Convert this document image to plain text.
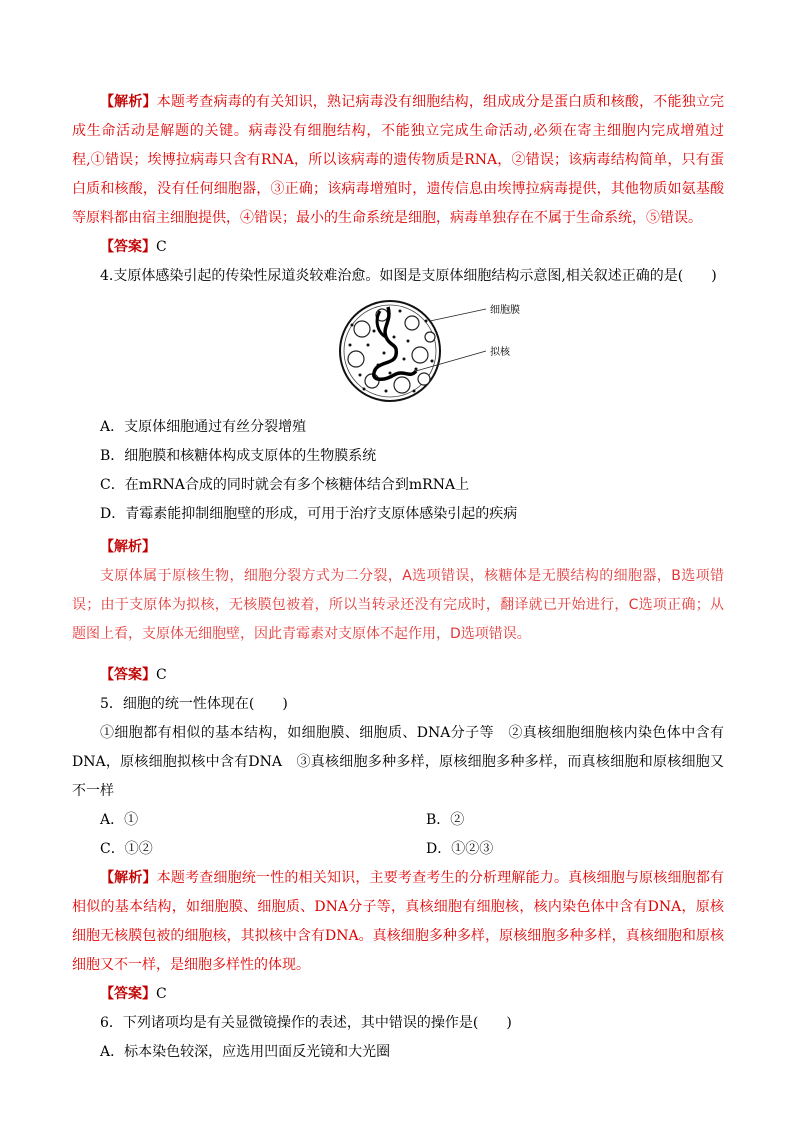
【解析】本题考查病毒的有关知识，熟记病毒没有细胞结构，组成成分是蛋白质和核酸，不能独立完成生命活动是解题的关键。病毒没有细胞结构，不能独立完成生命活动,必须在寄主细胞内完成增殖过程,①错误；埃博拉病毒只含有RNA，所以该病毒的遗传物质是RNA，②错误；该病毒结构简单，只有蛋白质和核酸，没有任何细胞器，③正确；该病毒增殖时，遗传信息由埃博拉病毒提供，其他物质如氨基酸等原料都由宿主细胞提供，④错误；最小的生命系统是细胞，病毒单独存在不属于生命系统，⑤错误。

【答案】C

4.支原体感染引起的传染性尿道炎较难治愈。如图是支原体细胞结构示意图,相关叙述正确的是(　　)

细胞膜
拟核

A．支原体细胞通过有丝分裂增殖

B．细胞膜和核糖体构成支原体的生物膜系统

C．在mRNA合成的同时就会有多个核糖体结合到mRNA上

D．青霉素能抑制细胞壁的形成，可用于治疗支原体感染引起的疾病

【解析】

支原体属于原核生物，细胞分裂方式为二分裂，A选项错误，核糖体是无膜结构的细胞器，B选项错误；由于支原体为拟核，无核膜包被着，所以当转录还没有完成时，翻译就已开始进行，C选项正确；从题图上看，支原体无细胞壁，因此青霉素对支原体不起作用，D选项错误。

【答案】C

5．细胞的统一性体现在(　　)

①细胞都有相似的基本结构，如细胞膜、细胞质、DNA分子等　②真核细胞细胞核内染色体中含有DNA，原核细胞拟核中含有DNA　③真核细胞多种多样，原核细胞多种多样，而真核细胞和原核细胞又不一样

A．①	B．②
C．①②	D．①②③

【解析】本题考查细胞统一性的相关知识，主要考查考生的分析理解能力。真核细胞与原核细胞都有相似的基本结构，如细胞膜、细胞质、DNA分子等，真核细胞有细胞核，核内染色体中含有DNA，原核细胞无核膜包被的细胞核，其拟核中含有DNA。真核细胞多种多样，原核细胞多种多样，真核细胞和原核细胞又不一样，是细胞多样性的体现。

【答案】C

6．下列诸项均是有关显微镜操作的表述，其中错误的操作是(　　)

A．标本染色较深，应选用凹面反光镜和大光圈
